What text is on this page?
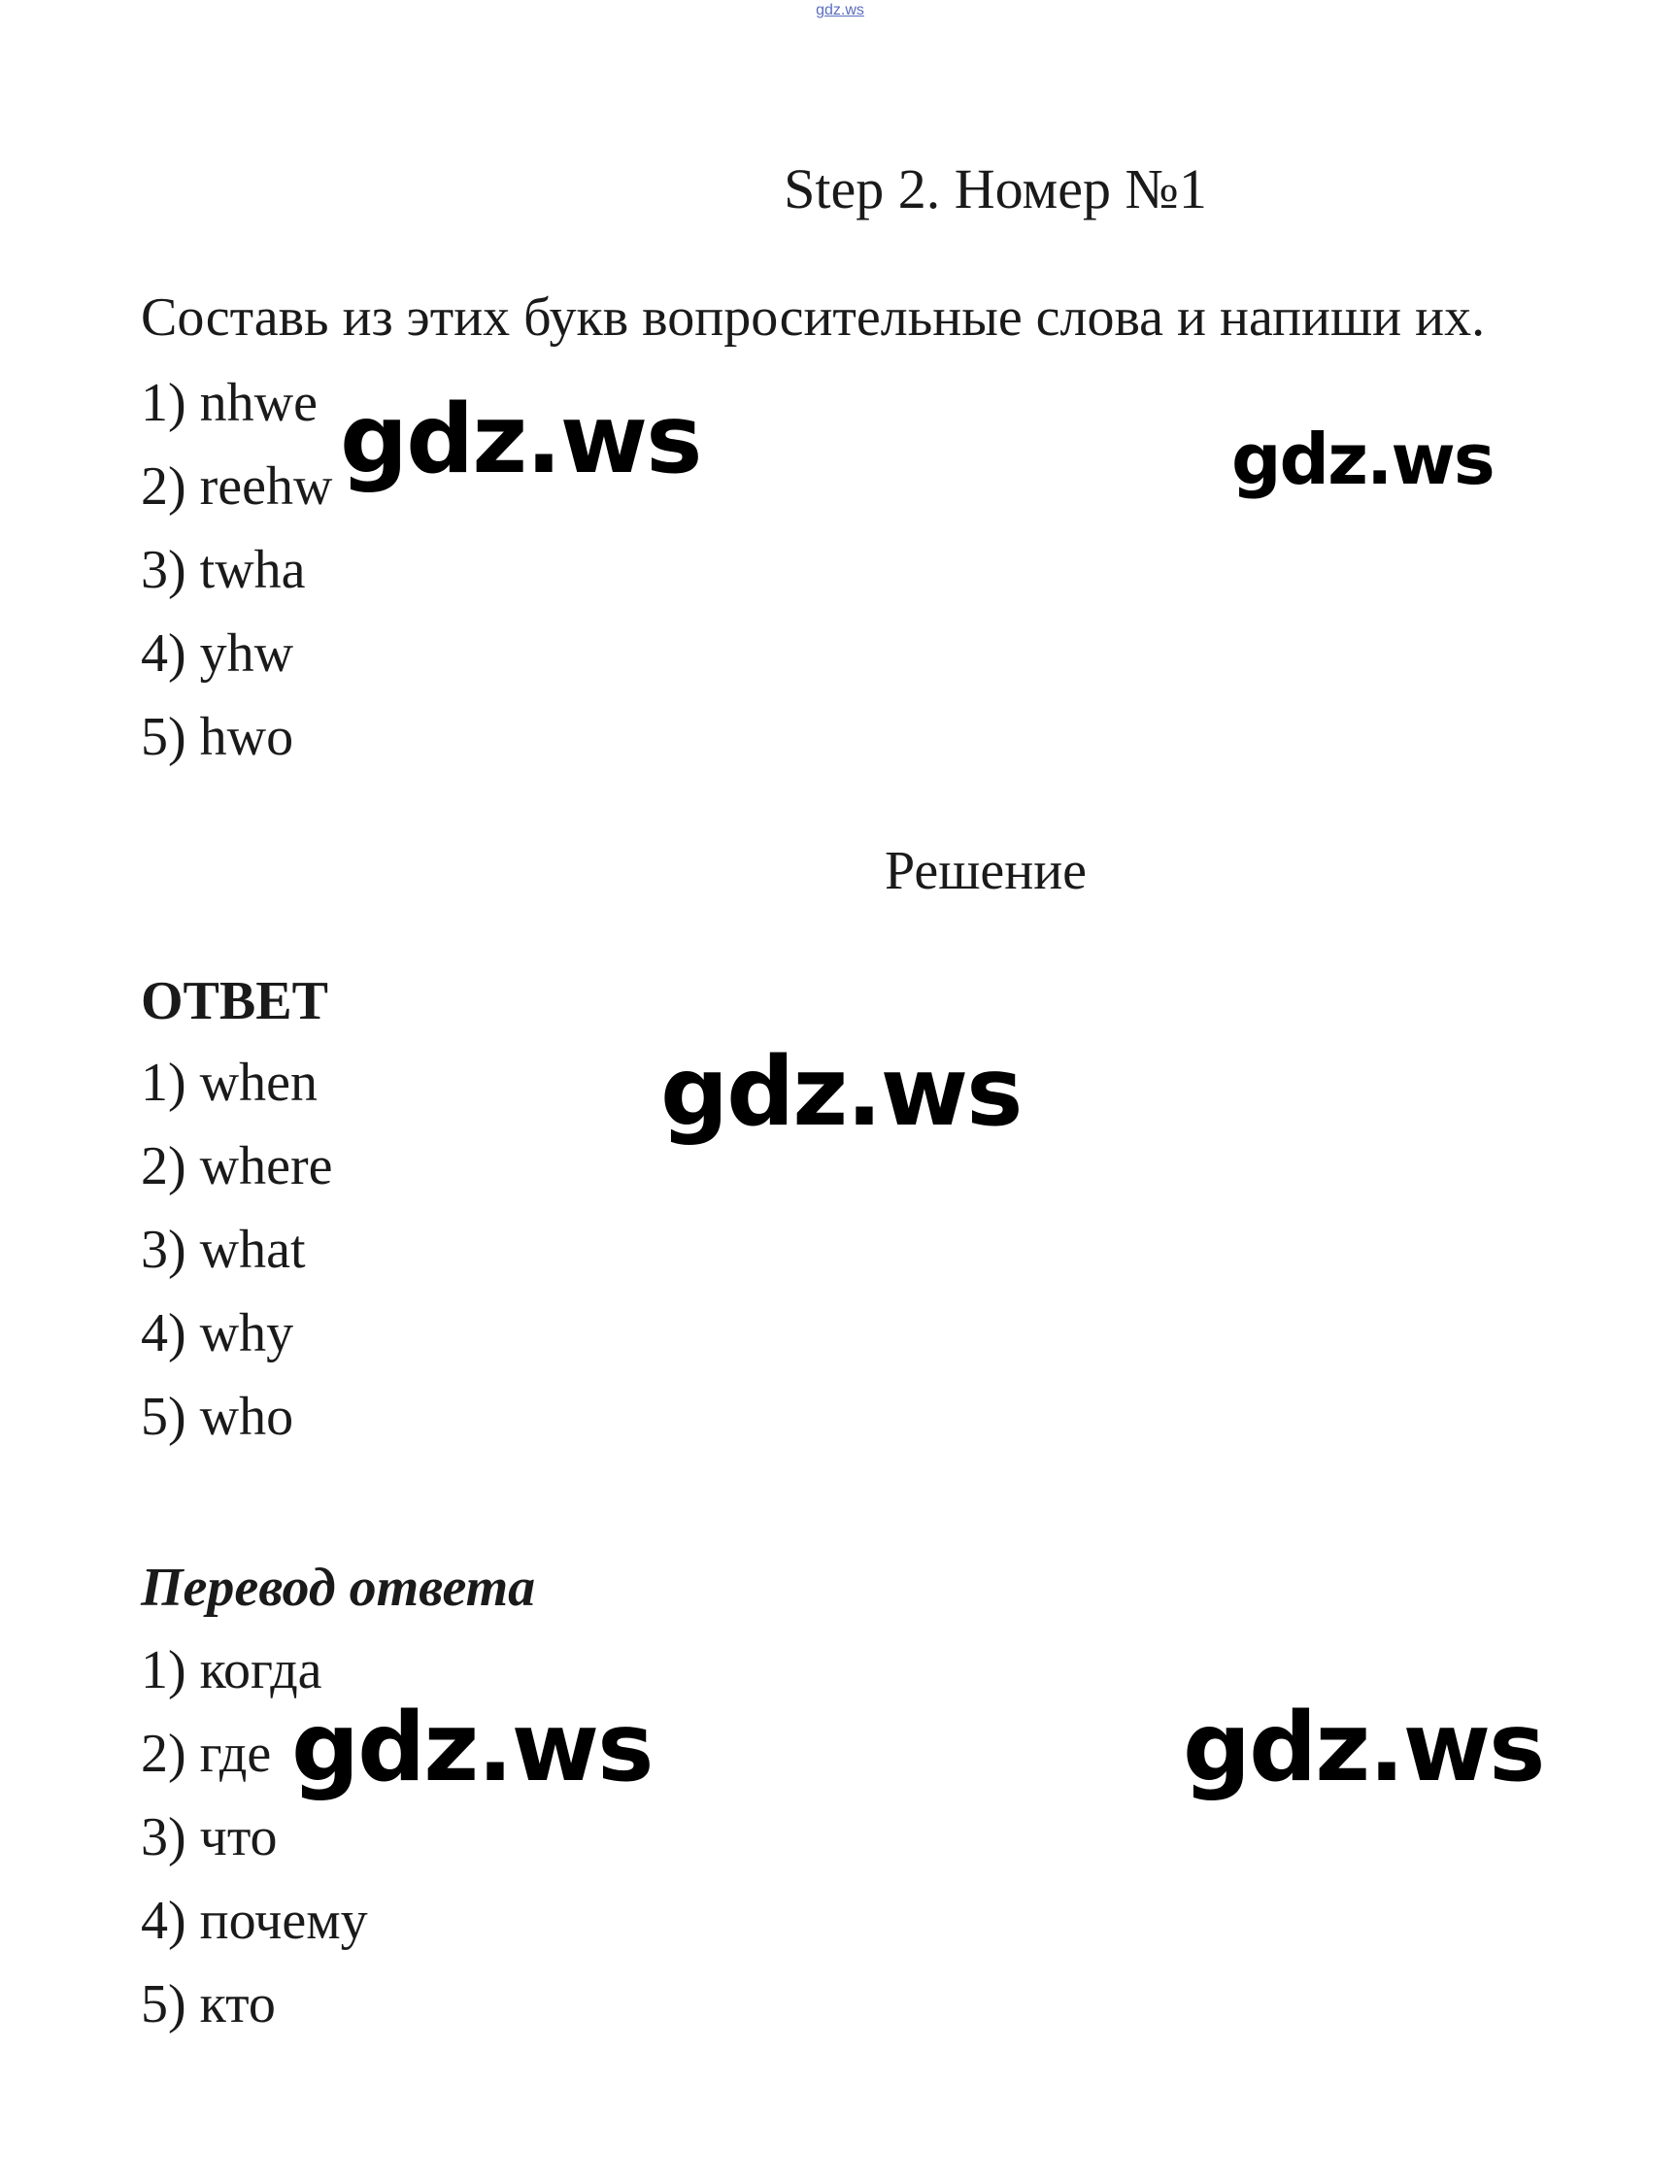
gdz.ws
Step 2. Номер №1
Составь из этих букв вопросительные слова и напиши их.
1) nhwe
2) reehw
3) twha
4) yhw
5) hwo
Решение
ОТВЕТ
1) when
2) where
3) what
4) why
5) who
Перевод ответа
1) когда
2) где
3) что
4) почему
5) кто
gdz.ws	gdz.ws
gdz.ws
gdz.ws	gdz.ws
